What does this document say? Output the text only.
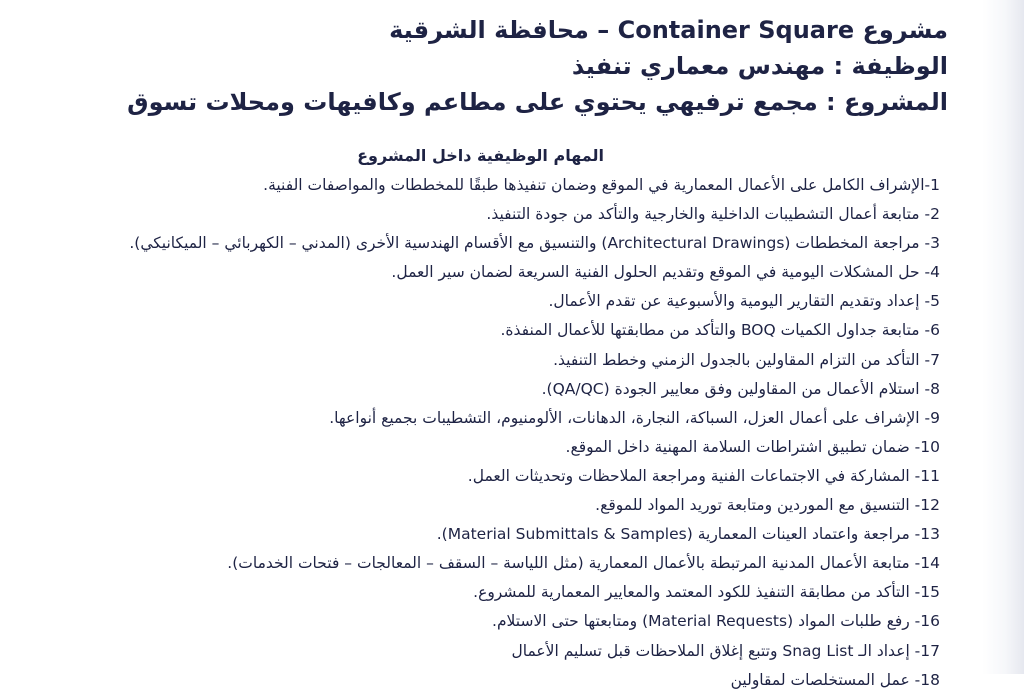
مشروع Container Square – محافظة الشرقية
الوظيفة : مهندس معماري تنفيذ
المشروع : مجمع ترفيهي يحتوي على مطاعم وكافيهات ومحلات تسوق
المهام الوظيفية داخل المشروع
1-الإشراف الكامل على الأعمال المعمارية في الموقع وضمان تنفيذها طبقًا للمخططات والمواصفات الفنية.
2- متابعة أعمال التشطيبات الداخلية والخارجية والتأكد من جودة التنفيذ.
3- مراجعة المخططات (Architectural Drawings) والتنسيق مع الأقسام الهندسية الأخرى (المدني – الكهربائي – الميكانيكي).
4- حل المشكلات اليومية في الموقع وتقديم الحلول الفنية السريعة لضمان سير العمل.
5- إعداد وتقديم التقارير اليومية والأسبوعية عن تقدم الأعمال.
6- متابعة جداول الكميات BOQ والتأكد من مطابقتها للأعمال المنفذة.
7- التأكد من التزام المقاولين بالجدول الزمني وخطط التنفيذ.
8- استلام الأعمال من المقاولين وفق معايير الجودة (QA/QC).
9- الإشراف على أعمال العزل، السباكة، النجارة، الدهانات، الألومنيوم، التشطيبات بجميع أنواعها.
10- ضمان تطبيق اشتراطات السلامة المهنية داخل الموقع.
11- المشاركة في الاجتماعات الفنية ومراجعة الملاحظات وتحديثات العمل.
12- التنسيق مع الموردين ومتابعة توريد المواد للموقع.
13- مراجعة واعتماد العينات المعمارية (Material Submittals & Samples).
14- متابعة الأعمال المدنية المرتبطة بالأعمال المعمارية (مثل اللياسة – السقف – المعالجات – فتحات الخدمات).
15- التأكد من مطابقة التنفيذ للكود المعتمد والمعايير المعمارية للمشروع.
16- رفع طلبات المواد (Material Requests) ومتابعتها حتى الاستلام.
17- إعداد الـ Snag List وتتبع إغلاق الملاحظات قبل تسليم الأعمال
18- عمل المستخلصات لمقاولين
